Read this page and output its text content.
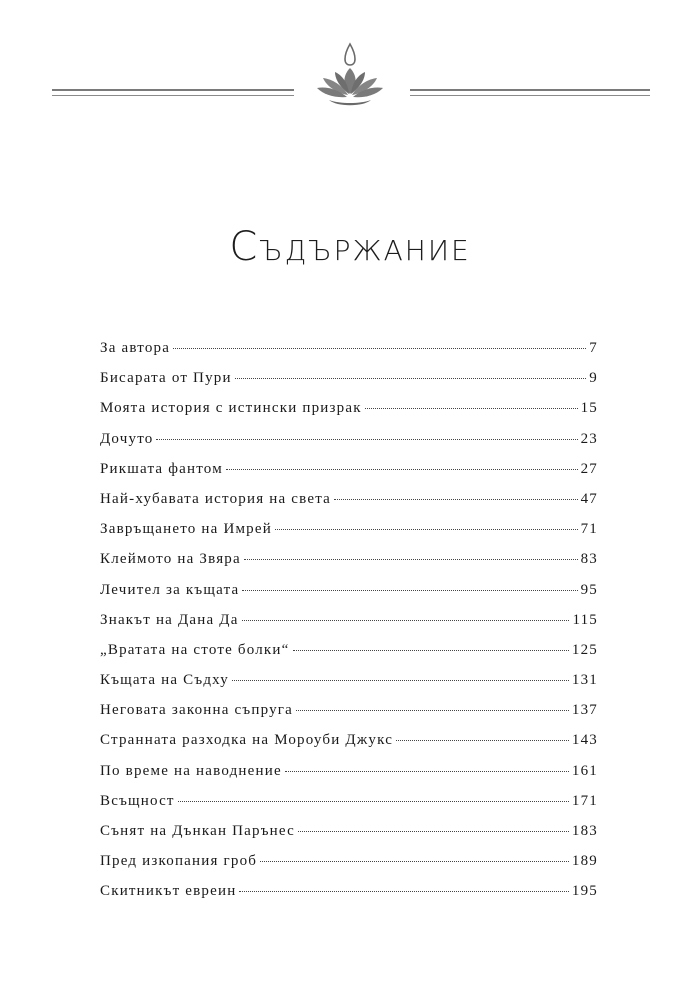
Съдържание
За автора	7
Бисарата от Пури	9
Моята история с истински призрак	15
Дочуто	23
Рикшата фантом	27
Най-хубавата история на света	47
Завръщането на Имрей	71
Клеймото на Звяра	83
Лечител за къщата	95
Знакът на Дана Да	115
„Вратата на стоте болки“	125
Къщата на Съдху	131
Неговата законна съпруга	137
Странната разходка на Мороуби Джукс	143
По време на наводнение	161
Всъщност	171
Сънят на Дънкан Парънес	183
Пред изкопания гроб	189
Скитникът евреин	195
